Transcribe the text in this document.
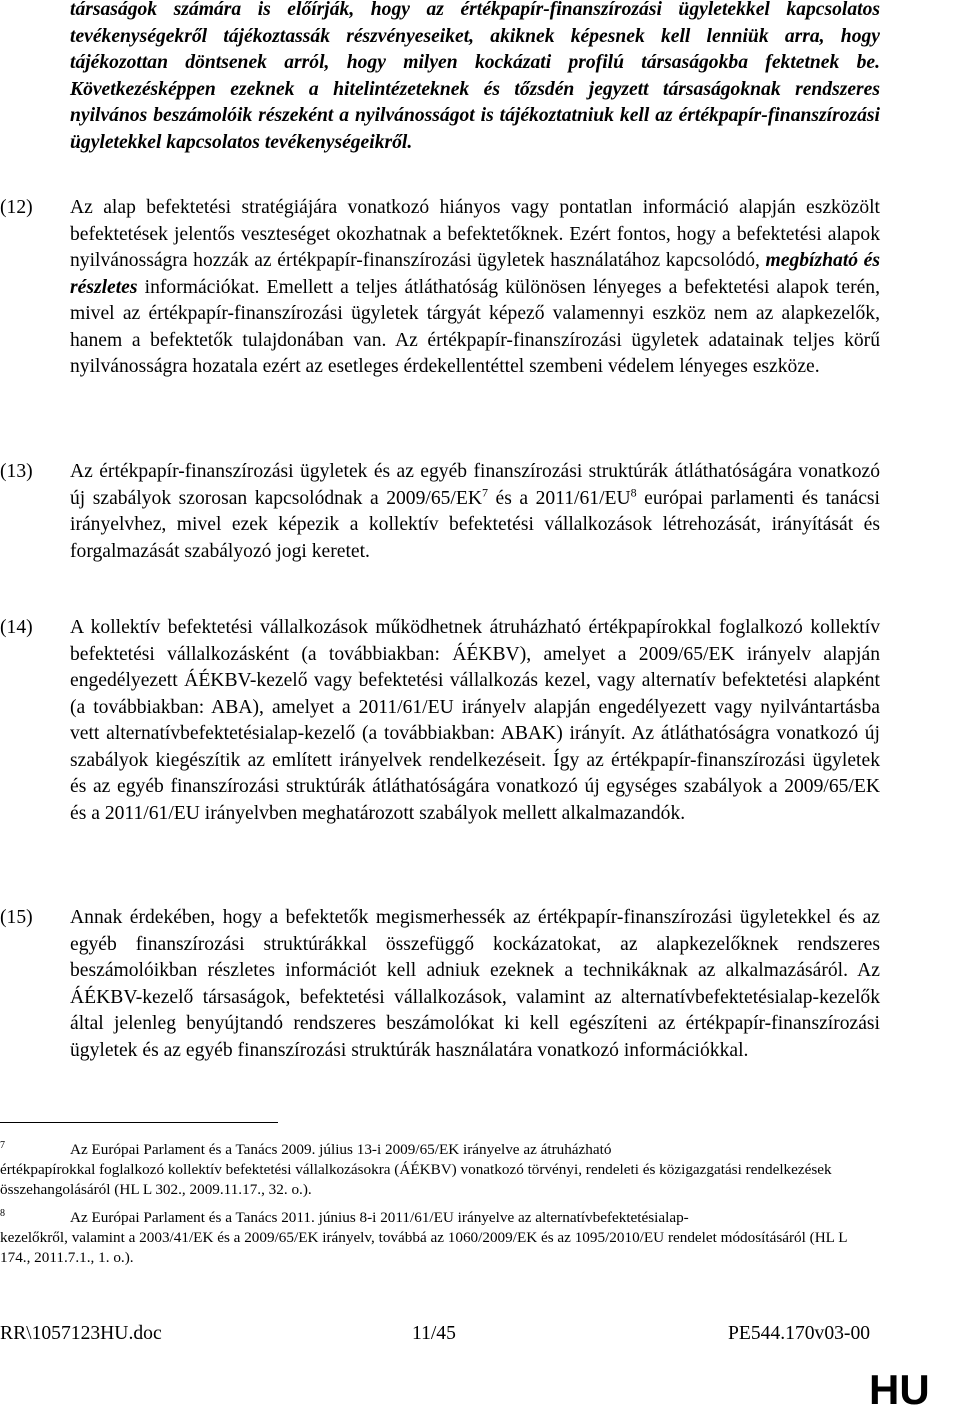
társaságok számára is előírják, hogy az értékpapír-finanszírozási ügyletekkel kapcsolatos tevékenységekről tájékoztassák részvényeseiket, akiknek képesnek kell lenniük arra, hogy tájékozottan döntsenek arról, hogy milyen kockázati profilú társaságokba fektetnek be. Következésképpen ezeknek a hitelintézeteknek és tőzsdén jegyzett társaságoknak rendszeres nyilvános beszámolóik részeként a nyilvánosságot is tájékoztatniuk kell az értékpapír-finanszírozási ügyletekkel kapcsolatos tevékenységeikről.
(12) Az alap befektetési stratégiájára vonatkozó hiányos vagy pontatlan információ alapján eszközölt befektetések jelentős veszteséget okozhatnak a befektetőknek. Ezért fontos, hogy a befektetési alapok nyilvánosságra hozzák az értékpapír-finanszírozási ügyletek használatához kapcsolódó, megbízható és részletes információkat. Emellett a teljes átláthatóság különösen lényeges a befektetési alapok terén, mivel az értékpapír-finanszírozási ügyletek tárgyát képező valamennyi eszköz nem az alapkezelők, hanem a befektetők tulajdonában van. Az értékpapír-finanszírozási ügyletek adatainak teljes körű nyilvánosságra hozatala ezért az esetleges érdekellentéttel szembeni védelem lényeges eszköze.
(13) Az értékpapír-finanszírozási ügyletek és az egyéb finanszírozási struktúrák átláthatóságára vonatkozó új szabályok szorosan kapcsolódnak a $2009/65/EK^7$ és a $2011/61/EU^8$ európai parlamenti és tanácsi irányelvhez, mivel ezek képezik a kollektív befektetési vállalkozások létrehozását, irányítását és forgalmazását szabályozó jogi keretet.
(14) A kollektív befektetési vállalkozások működhetnek átruházható értékpapírokkal foglalkozó kollektív befektetési vállalkozásként (a továbbiakban: ÁÉKBV), amelyet a 2009/65/EK irányelv alapján engedélyezett ÁÉKBV-kezelő vagy befektetési vállalkozás kezel, vagy alternatív befektetési alapként (a továbbiakban: ABA), amelyet a 2011/61/EU irányelv alapján engedélyezett vagy nyilvántartásba vett alternatívbefektetésialap-kezelő (a továbbiakban: ABAK) irányít. Az átláthatóságra vonatkozó új szabályok kiegészítik az említett irányelvek rendelkezéseit. Így az értékpapír-finanszírozási ügyletek és az egyéb finanszírozási struktúrák átláthatóságára vonatkozó új egységes szabályok a 2009/65/EK és a 2011/61/EU irányelvben meghatározott szabályok mellett alkalmazandók.
(15) Annak érdekében, hogy a befektetők megismerhessék az értékpapír-finanszírozási ügyletekkel és az egyéb finanszírozási struktúrákkal összefüggő kockázatokat, az alapkezelőknek rendszeres beszámolóikban részletes információt kell adniuk ezeknek a technikáknak az alkalmazásáról. Az ÁÉKBV-kezelő társaságok, befektetési vállalkozások, valamint az alternatívbefektetésialap-kezelők által jelenleg benyújtandó rendszeres beszámolókat ki kell egészíteni az értékpapír-finanszírozási ügyletek és az egyéb finanszírozási struktúrák használatára vonatkozó információkkal.
7	Az Európai Parlament és a Tanács 2009. július 13-i 2009/65/EK irányelve az átruházható
értékpapírokkal foglalkozó kollektív befektetési vállalkozásokra (ÁÉKBV) vonatkozó törvényi, rendeleti és közigazgatási rendelkezések összehangolásáról (HL L 302., 2009.11.17., 32. o.).
8	Az Európai Parlament és a Tanács 2011. június 8-i 2011/61/EU irányelve az alternatívbefektetésialap-
kezelőkről, valamint a 2003/41/EK és a 2009/65/EK irányelv, továbbá az 1060/2009/EK és az 1095/2010/EU rendelet módosításáról (HL L 174., 2011.7.1., 1. o.).
RR\1057123HU.doc	11/45	PE544.170v03-00
HU
